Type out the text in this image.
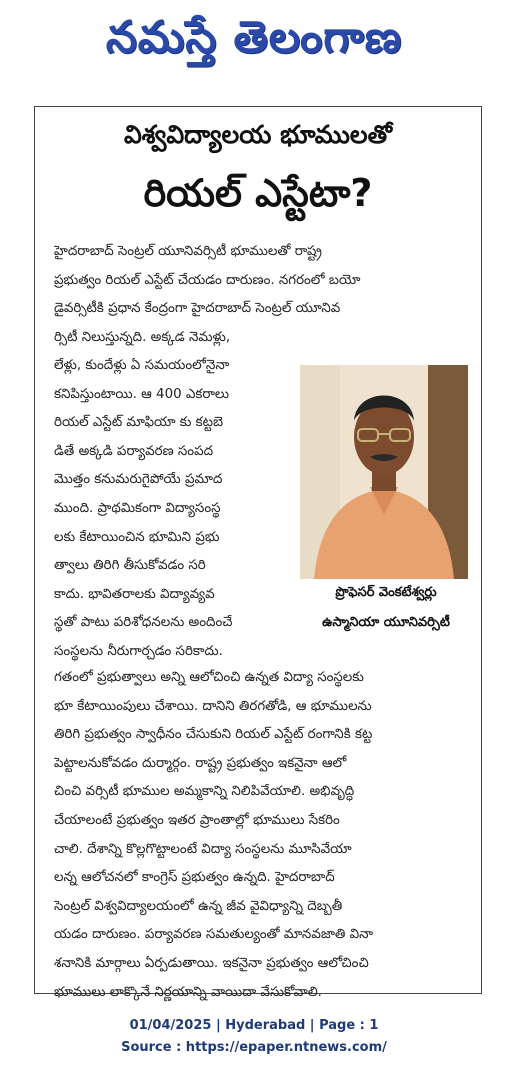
నమస్తే తెలంగాణ
విశ్వవిద్యాలయ భూములతో
రియల్ ఎస్టేటా?
హైదరాబాద్ సెంట్రల్ యూనివర్సిటీ భూములతో రాష్ట్ర
ప్రభుత్వం రియల్ ఎస్టేట్ చేయడం దారుణం. నగరంలో బయో
డైవర్సిటీకి ప్రధాన కేంద్రంగా హైదరాబాద్ సెంట్రల్ యూనివ
ర్సిటీ నిలుస్తున్నది. అక్కడ నెమళ్లు,
లేళ్లు, కుందేళ్లు ఏ సమయంలోనైనా
కనిపిస్తుంటాయి. ఆ 400 ఎకరాలు
రియల్ ఎస్టేట్ మాఫియా కు కట్టబె
డితే అక్కడి పర్యావరణ సంపద
మొత్తం కనుమరుగైపోయే ప్రమాద
ముంది. ప్రాథమికంగా విద్యాసంస్థ
లకు కేటాయించిన భూమిని ప్రభు
త్వాలు తిరిగి తీసుకోవడం సరి
కాదు. భావితరాలకు విద్యావ్యవ
స్థతో పాటు పరిశోధనలను అందించే
సంస్థలను నీరుగార్చడం సరికాదు.
గతంలో ప్రభుత్వాలు అన్ని ఆలోచించి ఉన్నత విద్యా సంస్థలకు
భూ కేటాయింపులు చేశాయి. దానిని తిరగతోడి, ఆ భూములను
తిరిగి ప్రభుత్వం స్వాధీనం చేసుకుని రియల్ ఎస్టేట్ రంగానికి కట్ట
పెట్టాలనుకోవడం దుర్మార్గం. రాష్ట్ర ప్రభుత్వం ఇకనైనా ఆలో
చించి వర్సిటీ భూముల అమ్మకాన్ని నిలిపివేయాలి. అభివృద్ధి
చేయాలంటే ప్రభుత్వం ఇతర ప్రాంతాల్లో భూములు సేకరిం
చాలి. దేశాన్ని కొల్లగొట్టాలంటే విద్యా సంస్థలను మూసివేయా
లన్న ఆలోచనలో కాంగ్రెస్ ప్రభుత్వం ఉన్నది. హైదరాబాద్
సెంట్రల్ విశ్వవిద్యాలయంలో ఉన్న జీవ వైవిధ్యాన్ని దెబ్బతీ
యడం దారుణం. పర్యావరణ సమతుల్యంతో మానవజాతి వినా
శనానికి మార్గాలు ఏర్పడుతాయి. ఇకనైనా ప్రభుత్వం ఆలోచించి
భూములు లాక్కొనే నిర్ణయాన్ని వాయిదా వేసుకోవాలి.
ప్రొఫెసర్ వెంకటేశ్వర్లు
ఉస్మానియా యూనివర్సిటీ
01/04/2025 | Hyderabad | Page : 1
Source : https://epaper.ntnews.com/
